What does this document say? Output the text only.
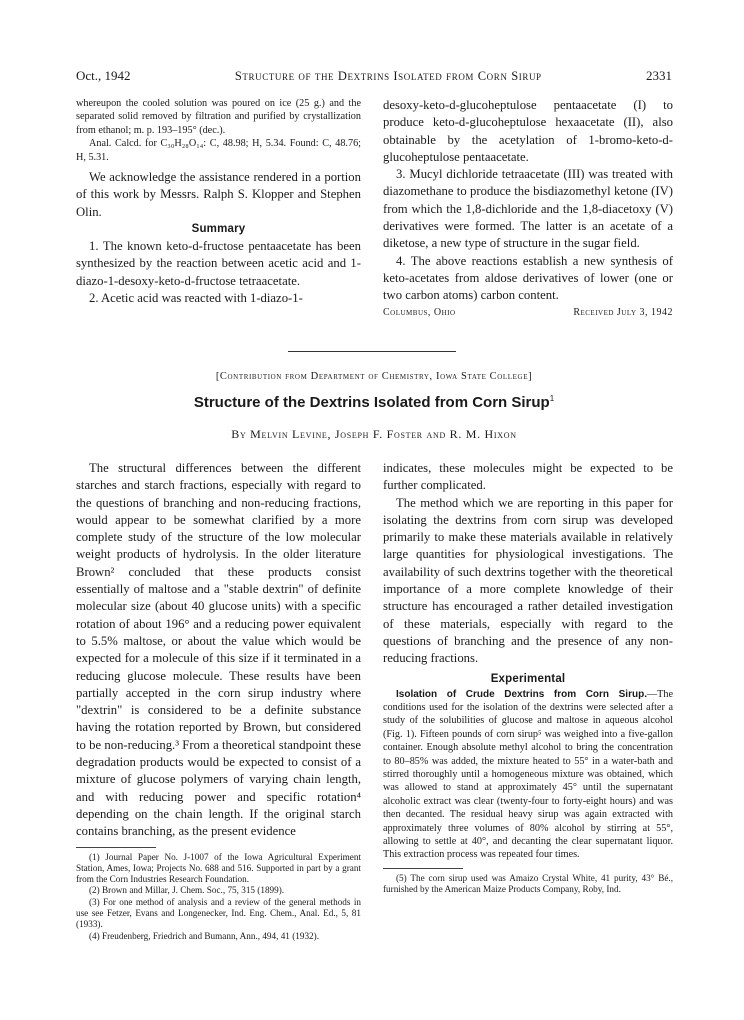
Oct., 1942	Structure of the Dextrins Isolated from Corn Sirup	2331

whereupon the cooled solution was poured on ice (25 g.) and the separated solid removed by filtration and purified by crystallization from ethanol; m. p. 193–195° (dec.).

Anal. Calcd. for C₃₀H₂₈O₁₄: C, 48.98; H, 5.34. Found: C, 48.76; H, 5.31.

We acknowledge the assistance rendered in a portion of this work by Messrs. Ralph S. Klopper and Stephen Olin.

Summary

1. The known keto-d-fructose pentaacetate has been synthesized by the reaction between acetic acid and 1-diazo-1-desoxy-keto-d-fructose tetraacetate.

2. Acetic acid was reacted with 1-diazo-1-

desoxy-keto-d-glucoheptulose pentaacetate (I) to produce keto-d-glucoheptulose hexaacetate (II), also obtainable by the acetylation of 1-bromo-keto-d-glucoheptulose pentaacetate.

3. Mucyl dichloride tetraacetate (III) was treated with diazomethane to produce the bisdiazomethyl ketone (IV) from which the 1,8-dichloride and the 1,8-diacetoxy (V) derivatives were formed. The latter is an acetate of a diketose, a new type of structure in the sugar field.

4. The above reactions establish a new synthesis of keto-acetates from aldose derivatives of lower (one or two carbon atoms) carbon content.

Columbus, Ohio	Received July 3, 1942
[Contribution from Department of Chemistry, Iowa State College]
Structure of the Dextrins Isolated from Corn Sirup$^1$
By Melvin Levine, Joseph F. Foster and R. M. Hixon

The structural differences between the different starches and starch fractions, especially with regard to the questions of branching and non-reducing fractions, would appear to be somewhat clarified by a more complete study of the structure of the low molecular weight products of hydrolysis. In the older literature Brown² concluded that these products consist essentially of maltose and a "stable dextrin" of definite molecular size (about 40 glucose units) with a specific rotation of about 196° and a reducing power equivalent to 5.5% maltose, or about the value which would be expected for a molecule of this size if it terminated in a reducing glucose molecule. These results have been partially accepted in the corn sirup industry where "dextrin" is considered to be a definite substance having the rotation reported by Brown, but considered to be non-reducing.³ From a theoretical standpoint these degradation products would be expected to consist of a mixture of glucose polymers of varying chain length, and with reducing power and specific rotation⁴ depending on the chain length. If the original starch contains branching, as the present evidence

(1) Journal Paper No. J-1007 of the Iowa Agricultural Experiment Station, Ames, Iowa; Projects No. 688 and 516. Supported in part by a grant from the Corn Industries Research Foundation.

(2) Brown and Millar, J. Chem. Soc., 75, 315 (1899).

(3) For one method of analysis and a review of the general methods in use see Fetzer, Evans and Longenecker, Ind. Eng. Chem., Anal. Ed., 5, 81 (1933).

(4) Freudenberg, Friedrich and Bumann, Ann., 494, 41 (1932).

indicates, these molecules might be expected to be further complicated.

The method which we are reporting in this paper for isolating the dextrins from corn sirup was developed primarily to make these materials available in relatively large quantities for physiological investigations. The availability of such dextrins together with the theoretical importance of a more complete knowledge of their structure has encouraged a rather detailed investigation of these materials, especially with regard to the questions of branching and the presence of any non-reducing fractions.

Experimental

Isolation of Crude Dextrins from Corn Sirup.—The conditions used for the isolation of the dextrins were selected after a study of the solubilities of glucose and maltose in aqueous alcohol (Fig. 1). Fifteen pounds of corn sirup⁵ was weighed into a five-gallon container. Enough absolute methyl alcohol to bring the concentration to 80–85% was added, the mixture heated to 55° in a water-bath and stirred thoroughly until a homogeneous mixture was obtained, which was allowed to stand at approximately 45° until the supernatant alcoholic extract was clear (twenty-four to forty-eight hours) and was then decanted. The residual heavy sirup was again extracted with approximately three volumes of 80% alcohol by stirring at 55°, allowing to settle at 40°, and decanting the clear supernatant liquor. This extraction process was repeated four times.

(5) The corn sirup used was Amaizo Crystal White, 41 purity, 43° Bé., furnished by the American Maize Products Company, Roby, Ind.
